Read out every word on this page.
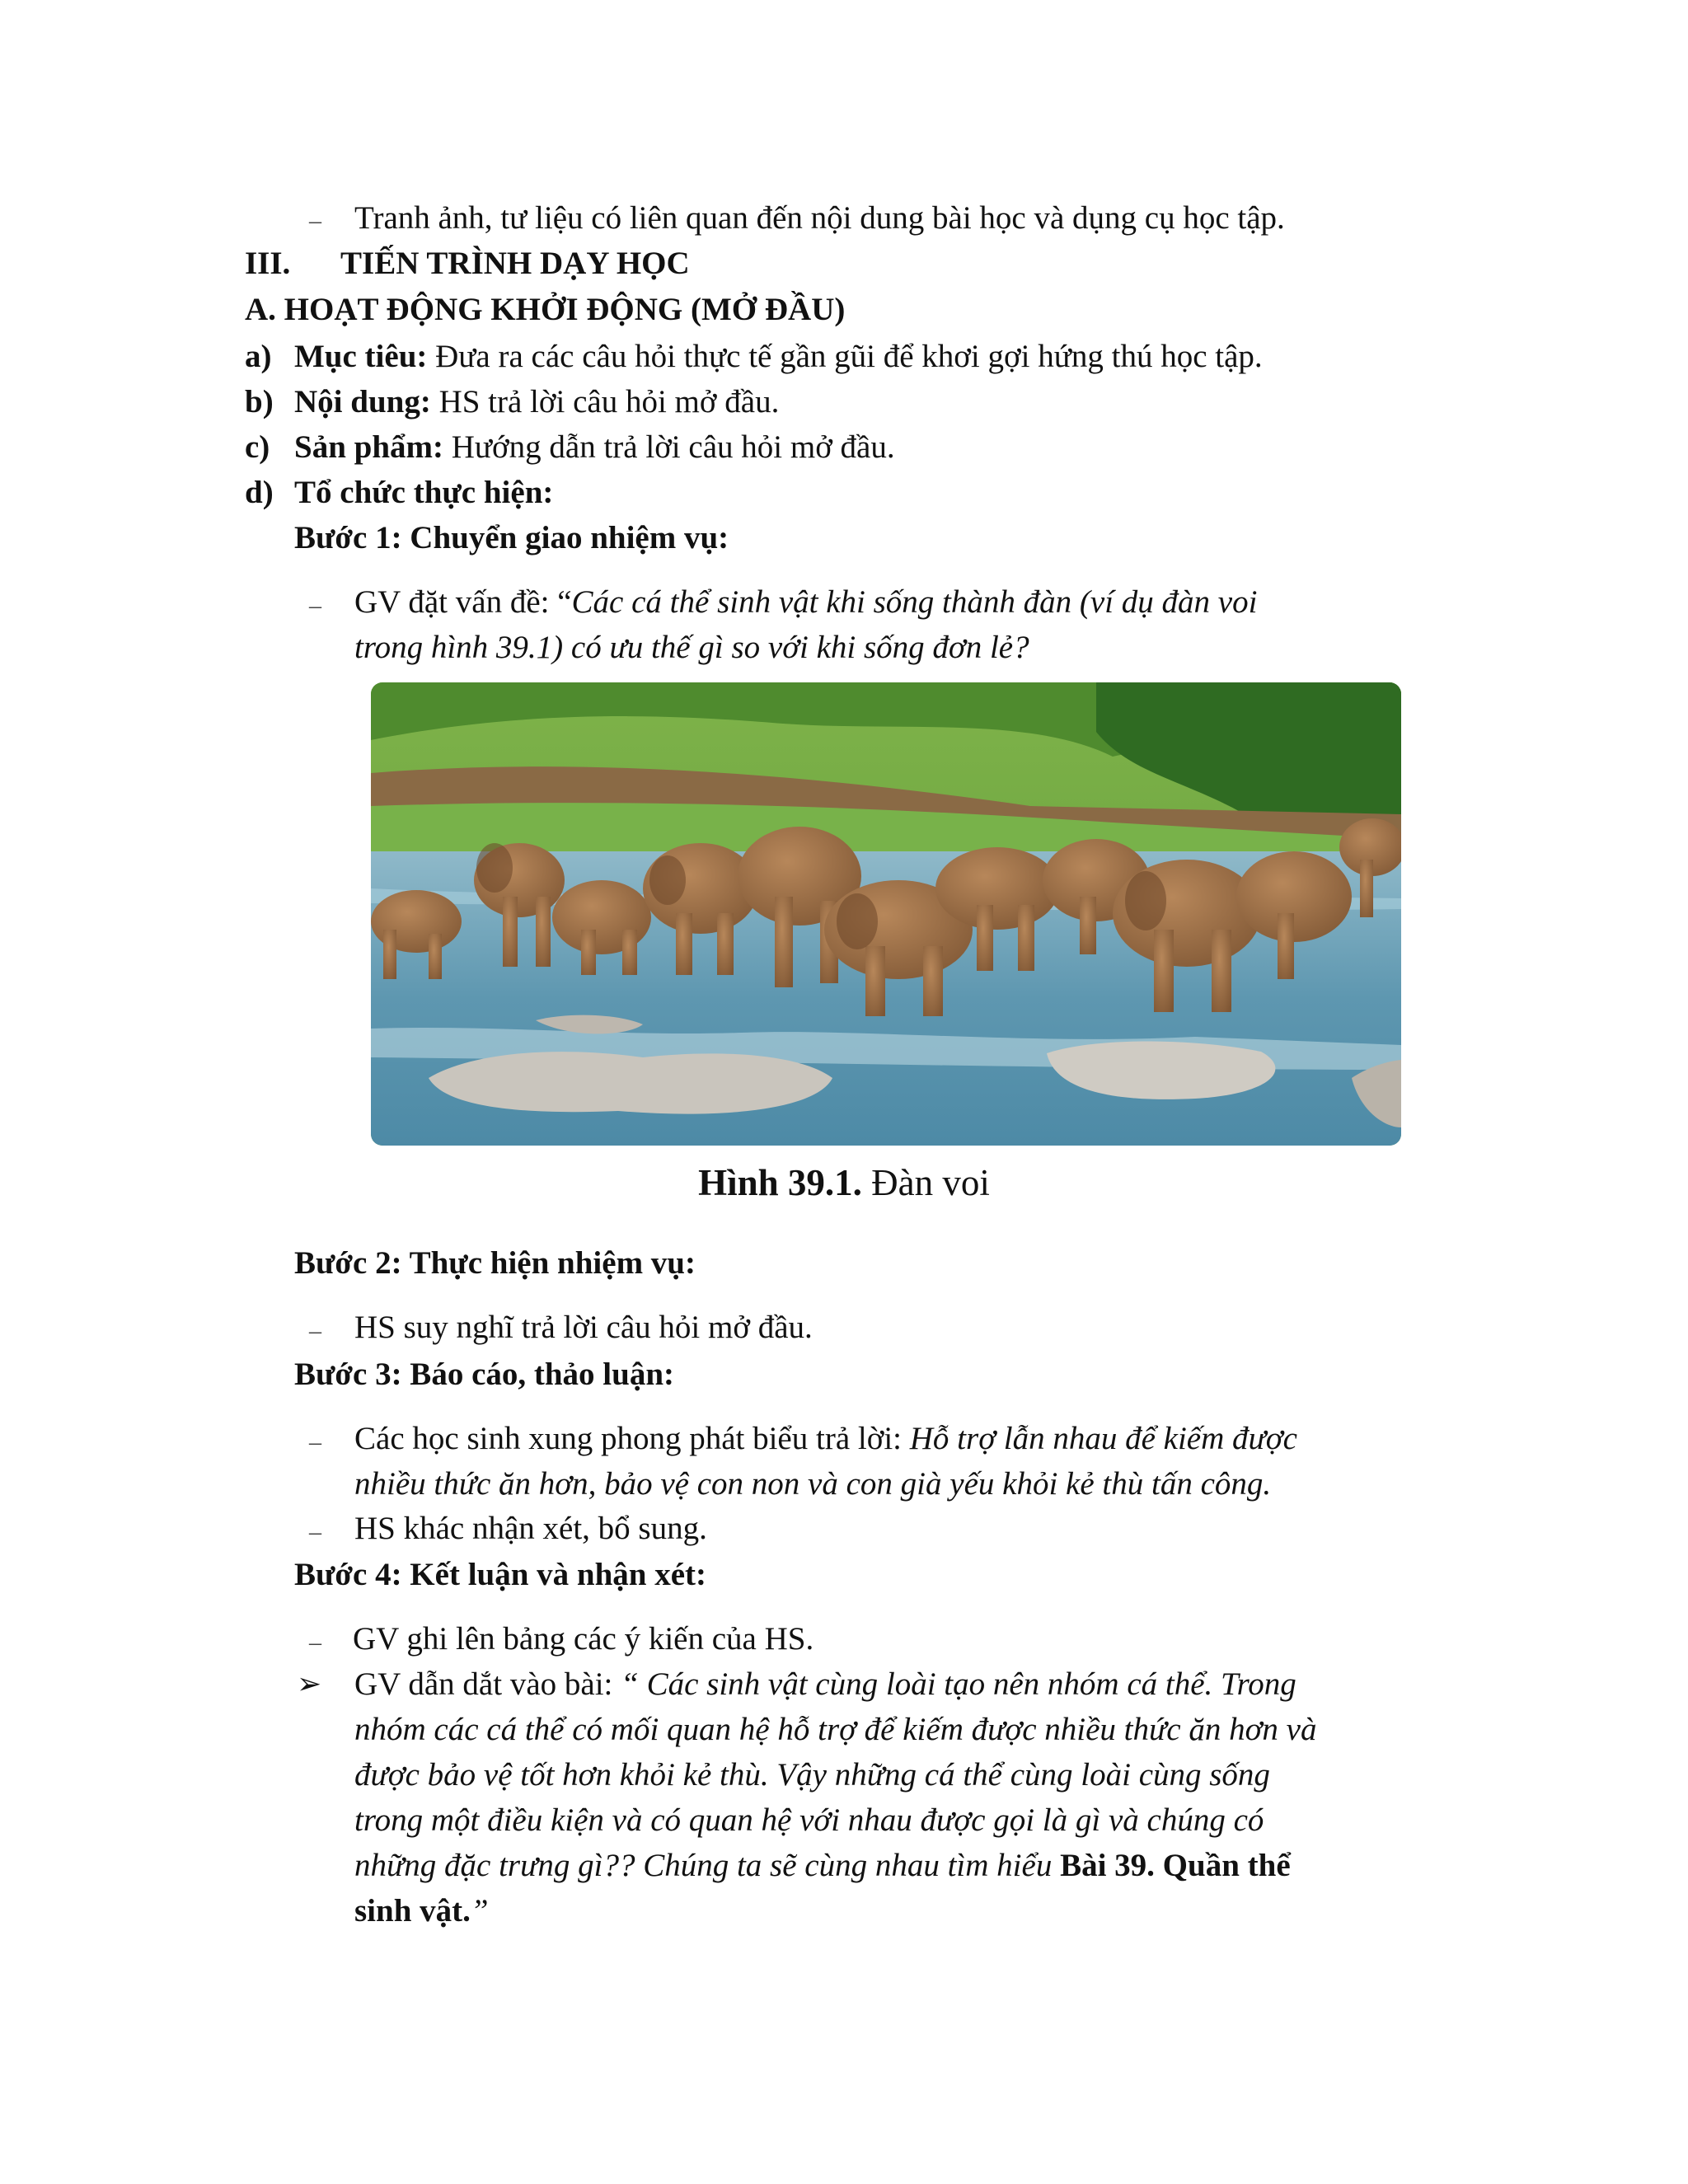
– Tranh ảnh, tư liệu có liên quan đến nội dung bài học và dụng cụ học tập.
III. TIẾN TRÌNH DẠY HỌC
A. HOẠT ĐỘNG KHỞI ĐỘNG (MỞ ĐẦU)
a) Mục tiêu: Đưa ra các câu hỏi thực tế gần gũi để khơi gợi hứng thú học tập.
b) Nội dung: HS trả lời câu hỏi mở đầu.
c) Sản phẩm: Hướng dẫn trả lời câu hỏi mở đầu.
d) Tổ chức thực hiện:
Bước 1: Chuyển giao nhiệm vụ:
– GV đặt vấn đề: “Các cá thể sinh vật khi sống thành đàn (ví dụ đàn voi
trong hình 39.1) có ưu thế gì so với khi sống đơn lẻ?
Hình 39.1. Đàn voi
Bước 2: Thực hiện nhiệm vụ:
– HS suy nghĩ trả lời câu hỏi mở đầu.
Bước 3: Báo cáo, thảo luận:
– Các học sinh xung phong phát biểu trả lời: Hỗ trợ lẫn nhau để kiếm được
nhiều thức ăn hơn, bảo vệ con non và con già yếu khỏi kẻ thù tấn công.
– HS khác nhận xét, bổ sung.
Bước 4: Kết luận và nhận xét:
– GV ghi lên bảng các ý kiến của HS.
➢ GV dẫn dắt vào bài: “ Các sinh vật cùng loài tạo nên nhóm cá thể. Trong
nhóm các cá thể có mối quan hệ hỗ trợ để kiếm được nhiều thức ăn hơn và
được bảo vệ tốt hơn khỏi kẻ thù. Vậy những cá thể cùng loài cùng sống
trong một điều kiện và có quan hệ với nhau được gọi là gì và chúng có
những đặc trưng gì?? Chúng ta sẽ cùng nhau tìm hiểu Bài 39. Quần thể
sinh vật.”
